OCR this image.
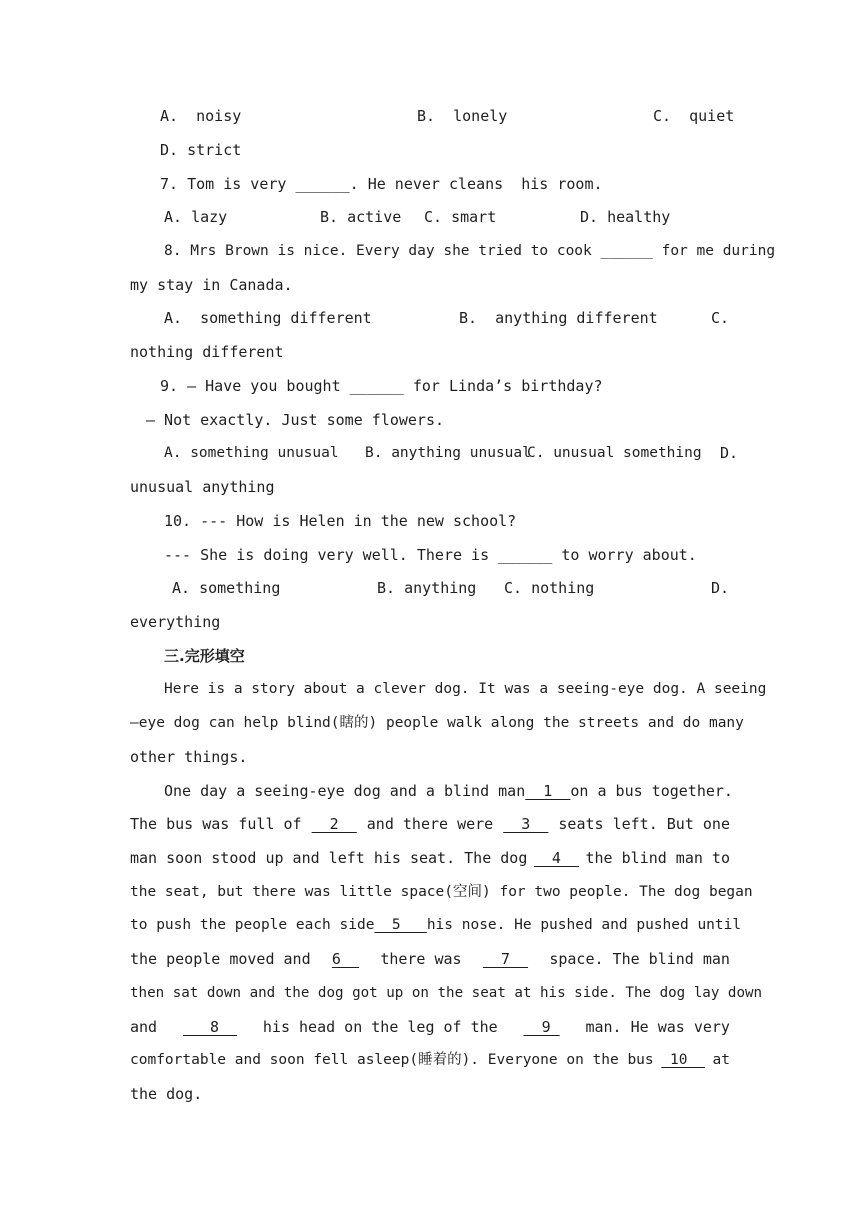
A.  noisy	B.  lonely	C.  quiet
D. strict
7. Tom is very ______. He never cleans  his room.
A. lazy	B. active C. smart	D. healthy
8. Mrs Brown is nice. Every day she tried to cook ______ for me during
my stay in Canada.
A.  something different	B.  anything different	C.
nothing different
9. — Have you bought ______ for Linda’s birthday?
— Not exactly. Just some flowers.
A. something unusual B. anything unusual
C. unusual something D.
unusual anything
10. --- How is Helen in the new school?
--- She is doing very well. There is ______ to worry about.
A. something	B. anything C. nothing	D.
everything
三.完形填空
Here is a story about a clever dog. It was a seeing-eye dog. A seeing
–eye dog can help blind(瞎的) people walk along the streets and do many
other things.
One day a seeing-eye dog and a blind man 1 on a bus together.
The bus was full of 2 and there were 3 seats left. But one
man soon stood up and left his seat. The dog 4 the blind man to
the seat, but there was little space(空间) for two people. The dog began
to push the people each side 5 his nose. He pushed and pushed until
the people moved and 6 there was 7 space. The blind man
then sat down and the dog got up on the seat at his side. The dog lay down
and 8 his head on the leg of the 9 man. He was very
comfortable and soon fell asleep(睡着的). Everyone on the bus 10 at
the dog.
